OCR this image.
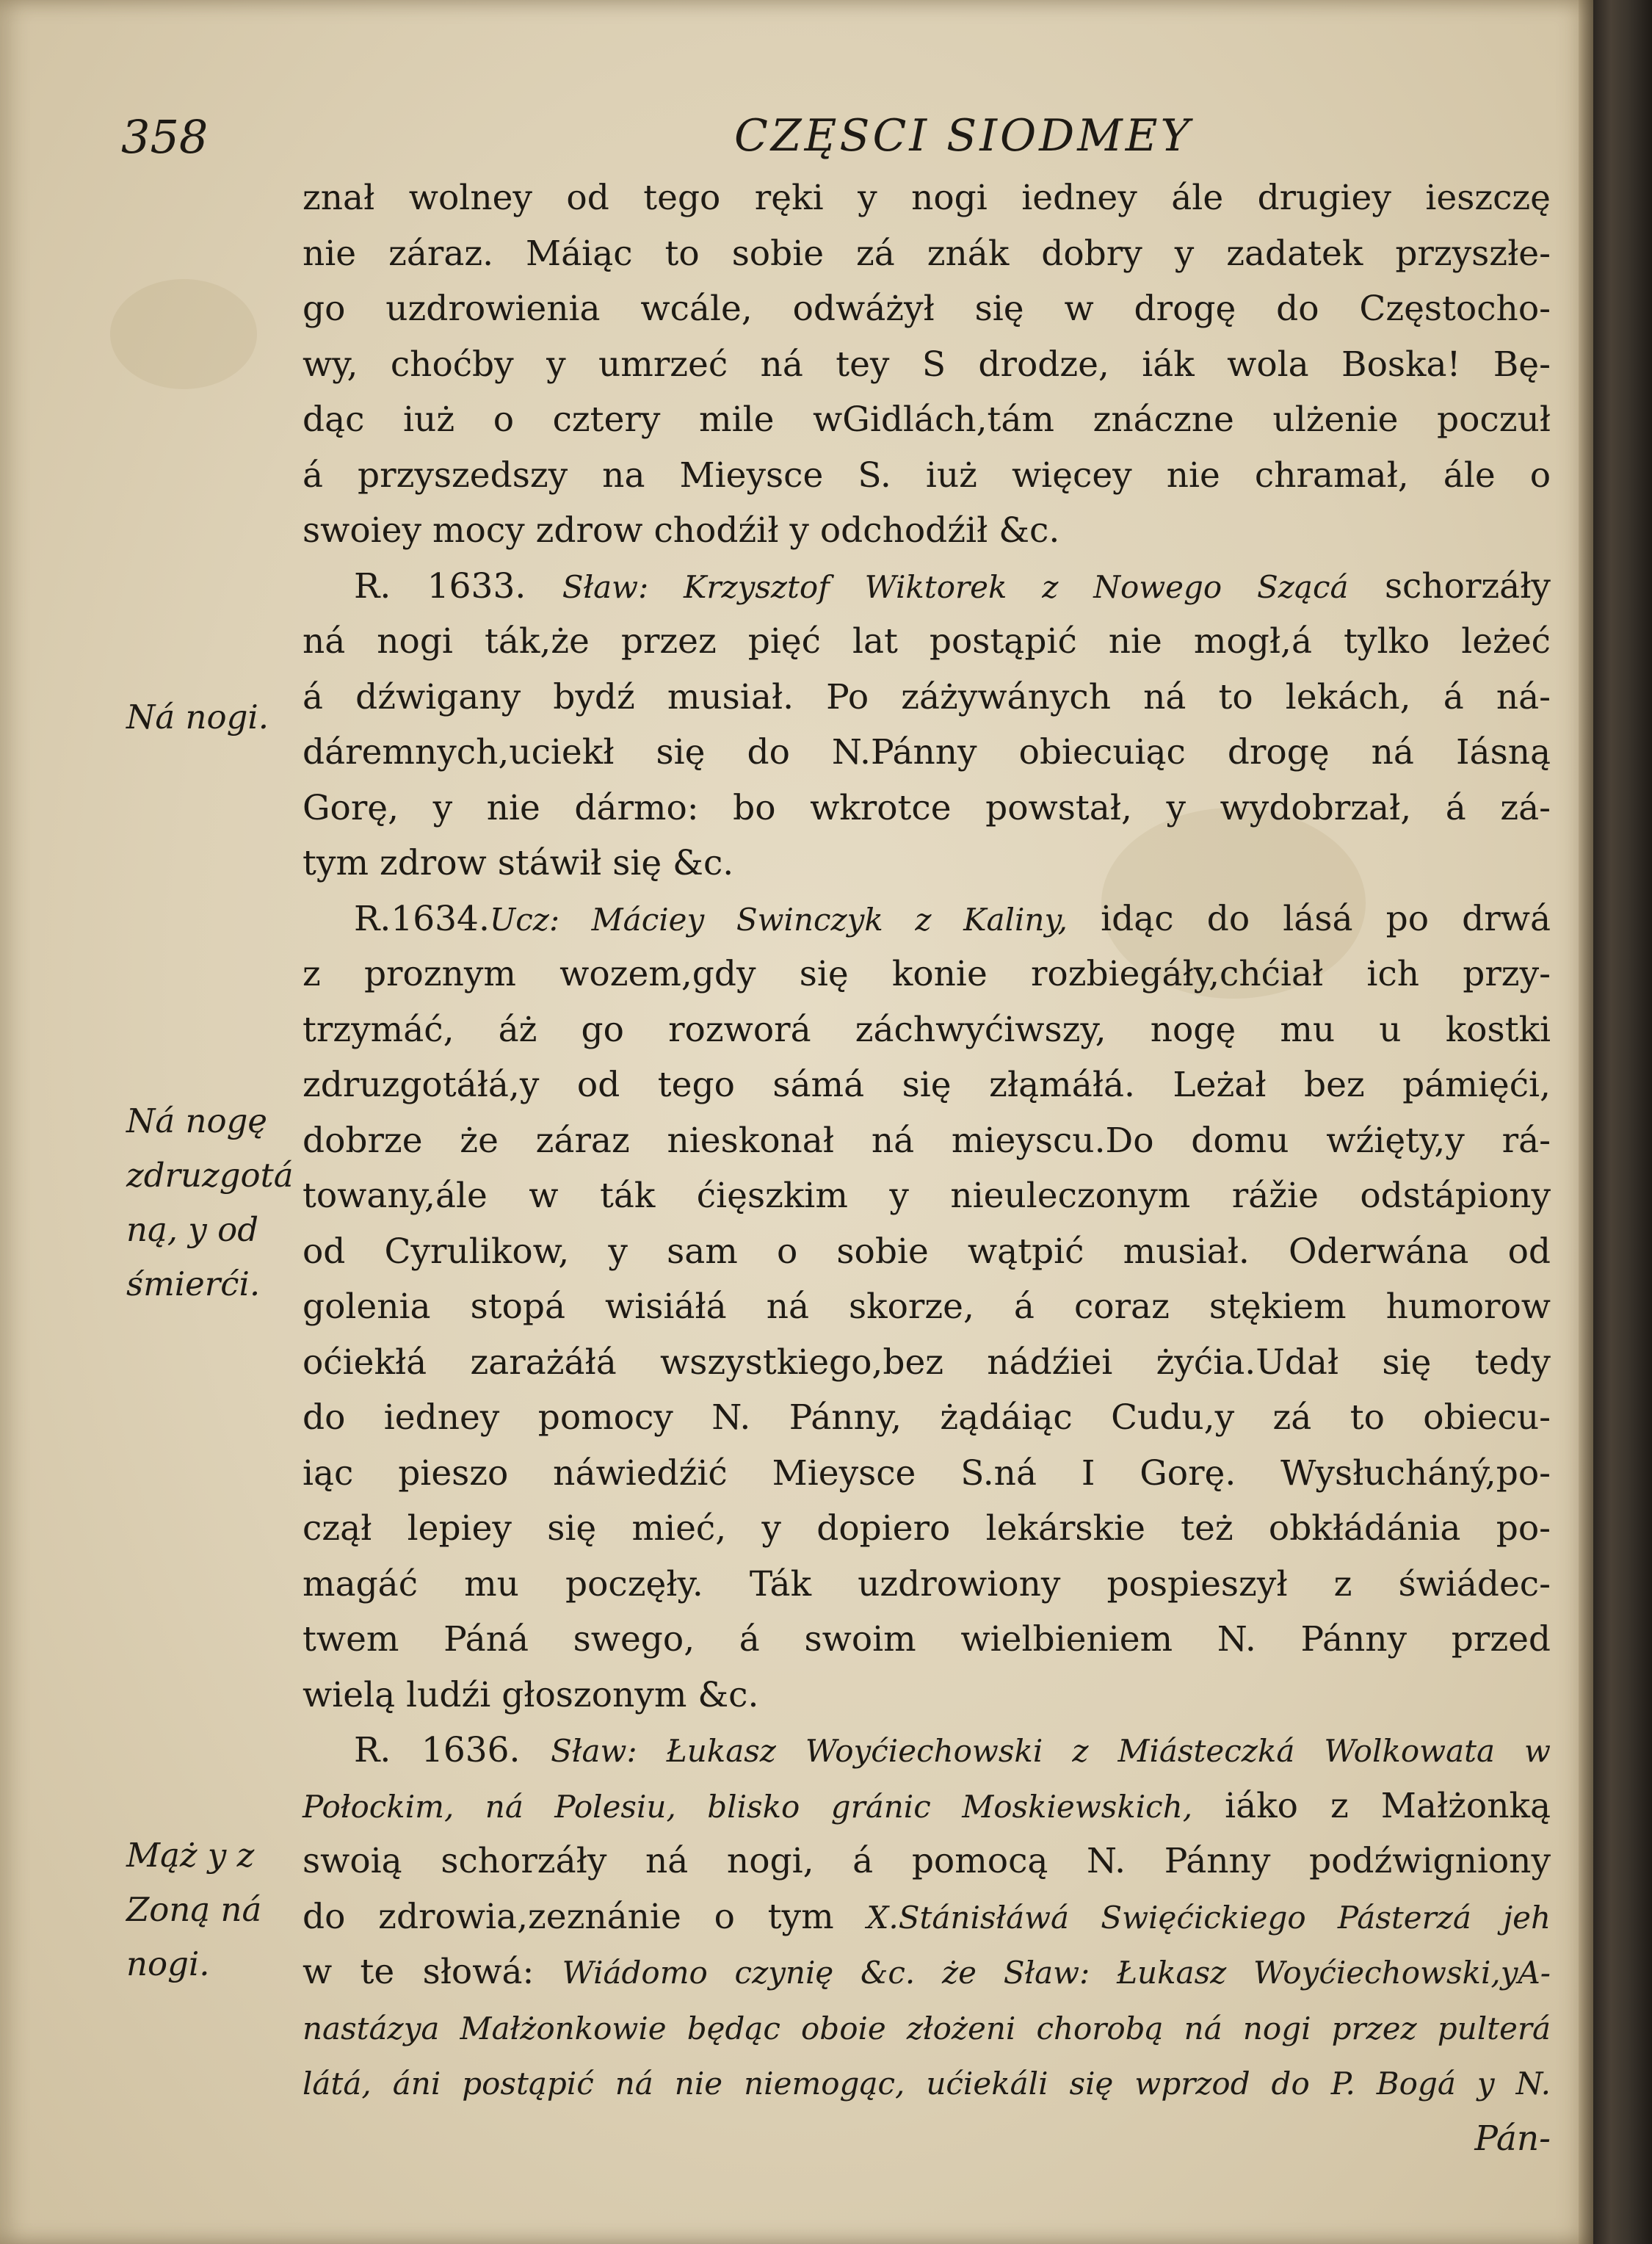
358	CZĘSCI SIODMEY
znał wolney od tego ręki y nogi iedney ále drugiey ieszczę
nie záraz. Máiąc to sobie zá znák dobry y zadatek przyszłe-
go uzdrowienia wcále, odwáżył się w drogę do Częstocho-
wy, choćby y umrzeć ná tey S drodze, iák wola Boska! Bę-
dąc iuż o cztery mile wGidlách,tám znáczne ulżenie poczuł
á przyszedszy na Mieysce S. iuż więcey nie chramał, ále o
swoiey mocy zdrow chodźił y odchodźił &c.
R. 1633. Sław: Krzysztof Wiktorek z Nowego Szącá schorzáły
ná nogi ták,że przez pięć lat postąpić nie mogł,á tylko leżeć
á dźwigany bydź musiał. Po záżywánych ná to lekách, á ná-
dáremnych,uciekł się do N.Pánny obiecuiąc drogę ná Iásną
Gorę, y nie dármo: bo wkrotce powstał, y wydobrzał, á zá-
tym zdrow stáwił się &c.
R.1634.Ucz: Máciey Swinczyk z Kaliny, idąc do lásá po drwá
z proznym wozem,gdy się konie rozbiegáły,chćiał ich przy-
trzymáć, áż go rozworá záchwyćiwszy, nogę mu u kostki
zdruzgotáłá,y od tego sámá się złąmáłá. Leżał bez pámięći,
dobrze że záraz nieskonał ná mieyscu.Do domu wźięty,y rá-
towany,ále w ták ćięszkim y nieuleczonym rážie odstápiony
od Cyrulikow, y sam o sobie wątpić musiał. Oderwána od
golenia stopá wisiáłá ná skorze, á coraz stękiem humorow
oćiekłá zarażáłá wszystkiego,bez nádźiei żyćia.Udał się tedy
do iedney pomocy N. Pánny, żądáiąc Cudu,y zá to obiecu-
iąc pieszo náwiedźić Mieysce S.ná I Gorę. Wysłucháný,po-
czął lepiey się mieć, y dopiero lekárskie też obkłádánia po-
magáć mu poczęły. Ták uzdrowiony pospieszył z świádec-
twem Páná swego, á swoim wielbieniem N. Pánny przed
wielą ludźi głoszonym &c.
R. 1636. Sław: Łukasz Woyćiechowski z Miásteczká Wolkowata w
Połockim, ná Polesiu, blisko gránic Moskiewskich, iáko z Małżonką
swoią schorzáły ná nogi, á pomocą N. Pánny podźwigniony
do zdrowia,zeznánie o tym X.Stánisłáwá Swięćickiego Pásterzá jeh
w te słowá: Wiádomo czynię &c. że Sław: Łukasz Woyćiechowski,yA-
nastázya Małżonkowie będąc oboie złożeni chorobą ná nogi przez pulterá
látá, áni postąpić ná nie niemogąc, ućiekáli się wprzod do P. Bogá y N.
Pán-
Ná nogi.
Ná nogę
zdruzgotá
ną, y od
śmierći.
Mąż y z
Zoną ná
nogi.
